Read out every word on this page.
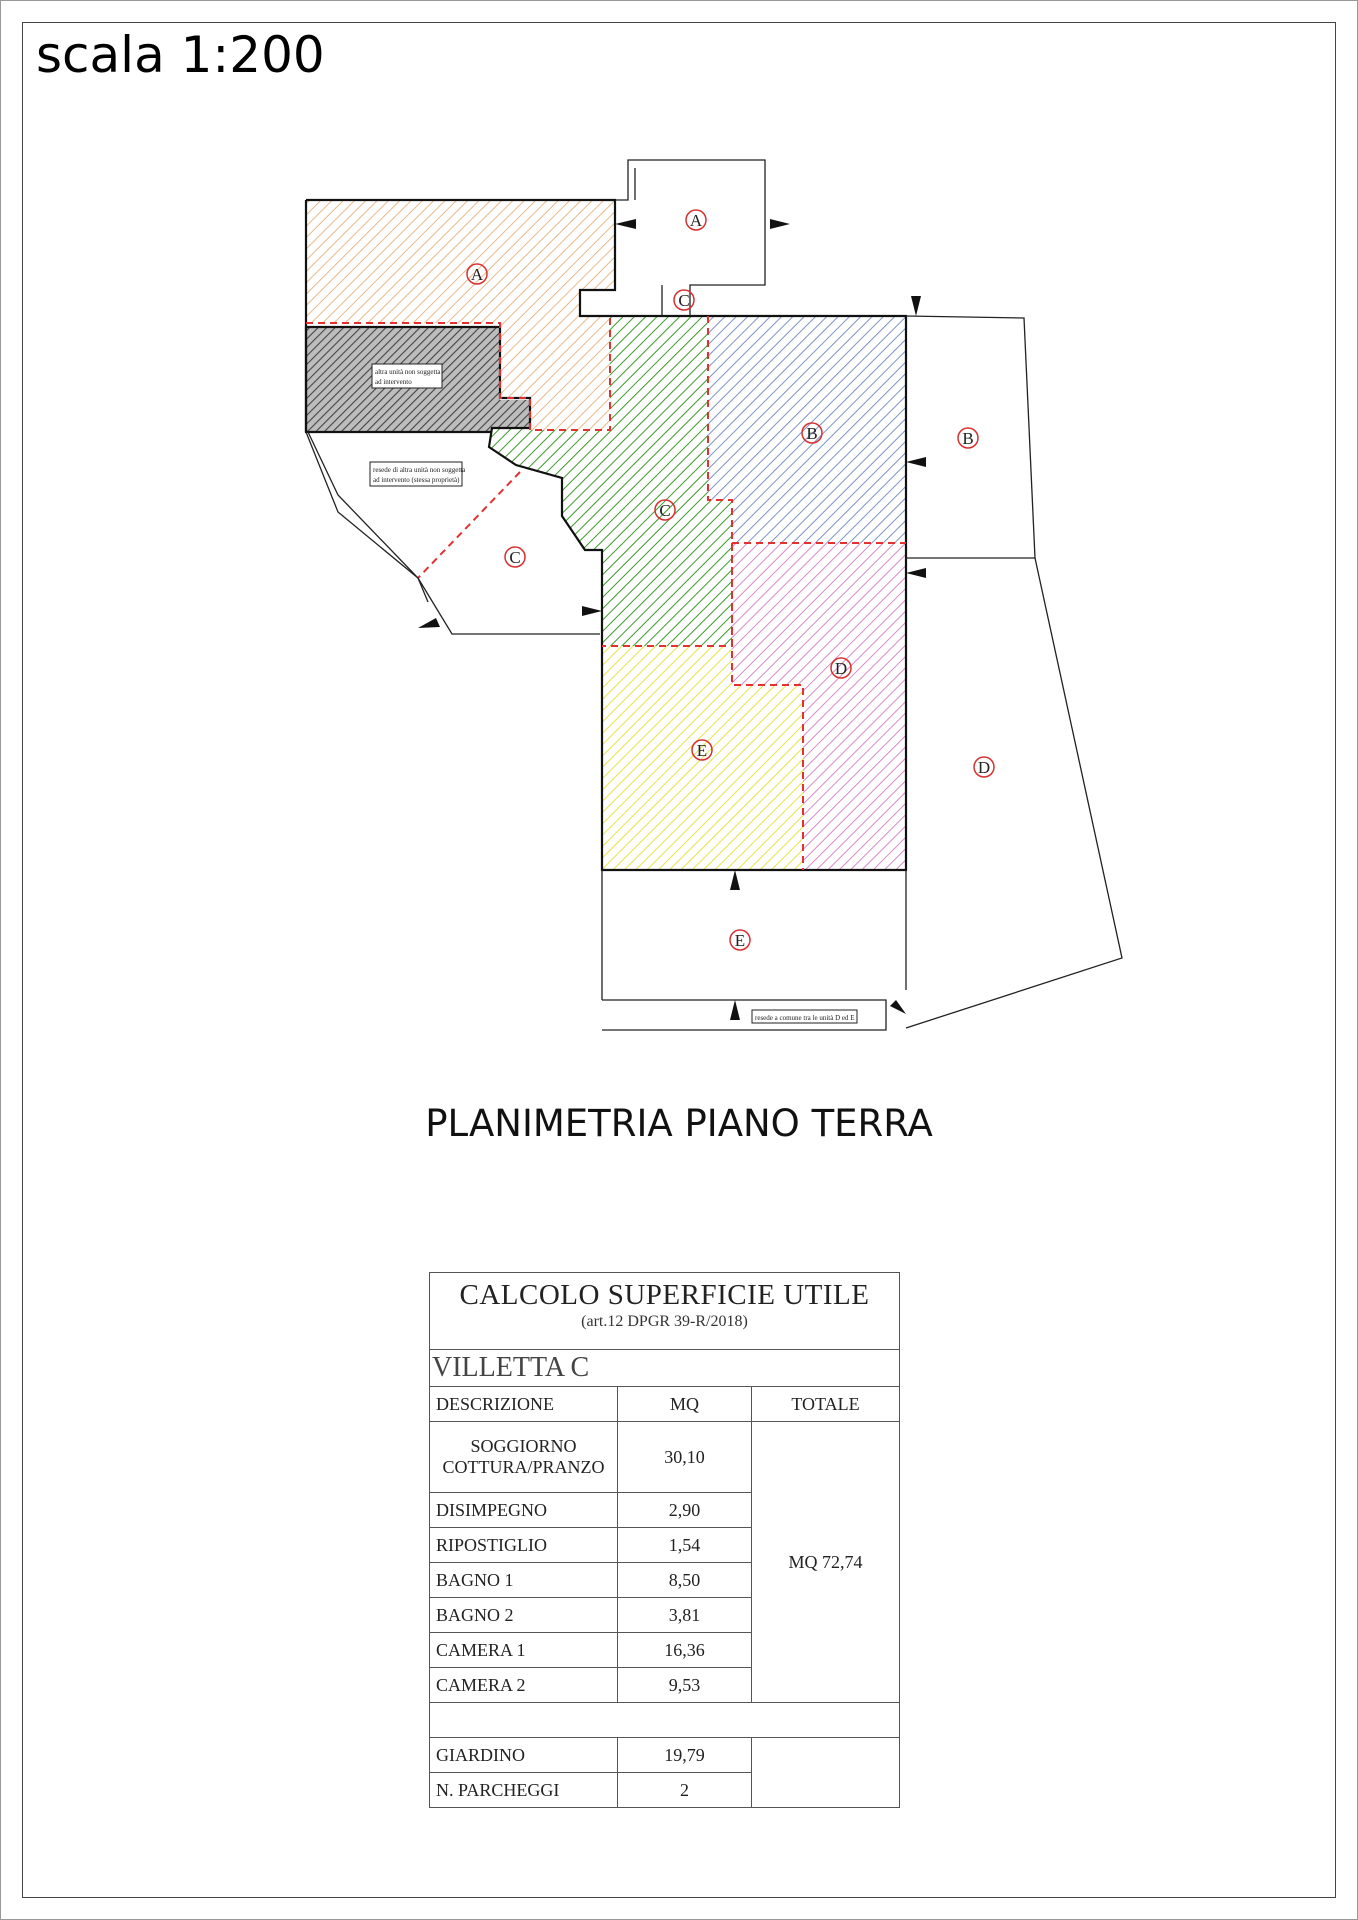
scala 1:200
altra unità non soggetta
ad intervento
resede di altra unità non soggetta
ad intervento (stessa proprietà)
resede a comune tra le unità D ed E
A
A
C
B	B
C
C
D
D
E
E
PLANIMETRIA PIANO TERRA
CALCOLO SUPERFICIE UTILE
(art.12 DPGR 39-R/2018)		

VILLETTA C		
DESCRIZIONE	MQ	TOTALE
SOGGIORNO
COTTURA/PRANZO	30,10	MQ 72,74
DISIMPEGNO	2,90	
RIPOSTIGLIO	1,54	
BAGNO 1	8,50	
BAGNO 2	3,81	
CAMERA 1	16,36	
CAMERA 2	9,53	

GIARDINO	19,79	
N. PARCHEGGI	2	
